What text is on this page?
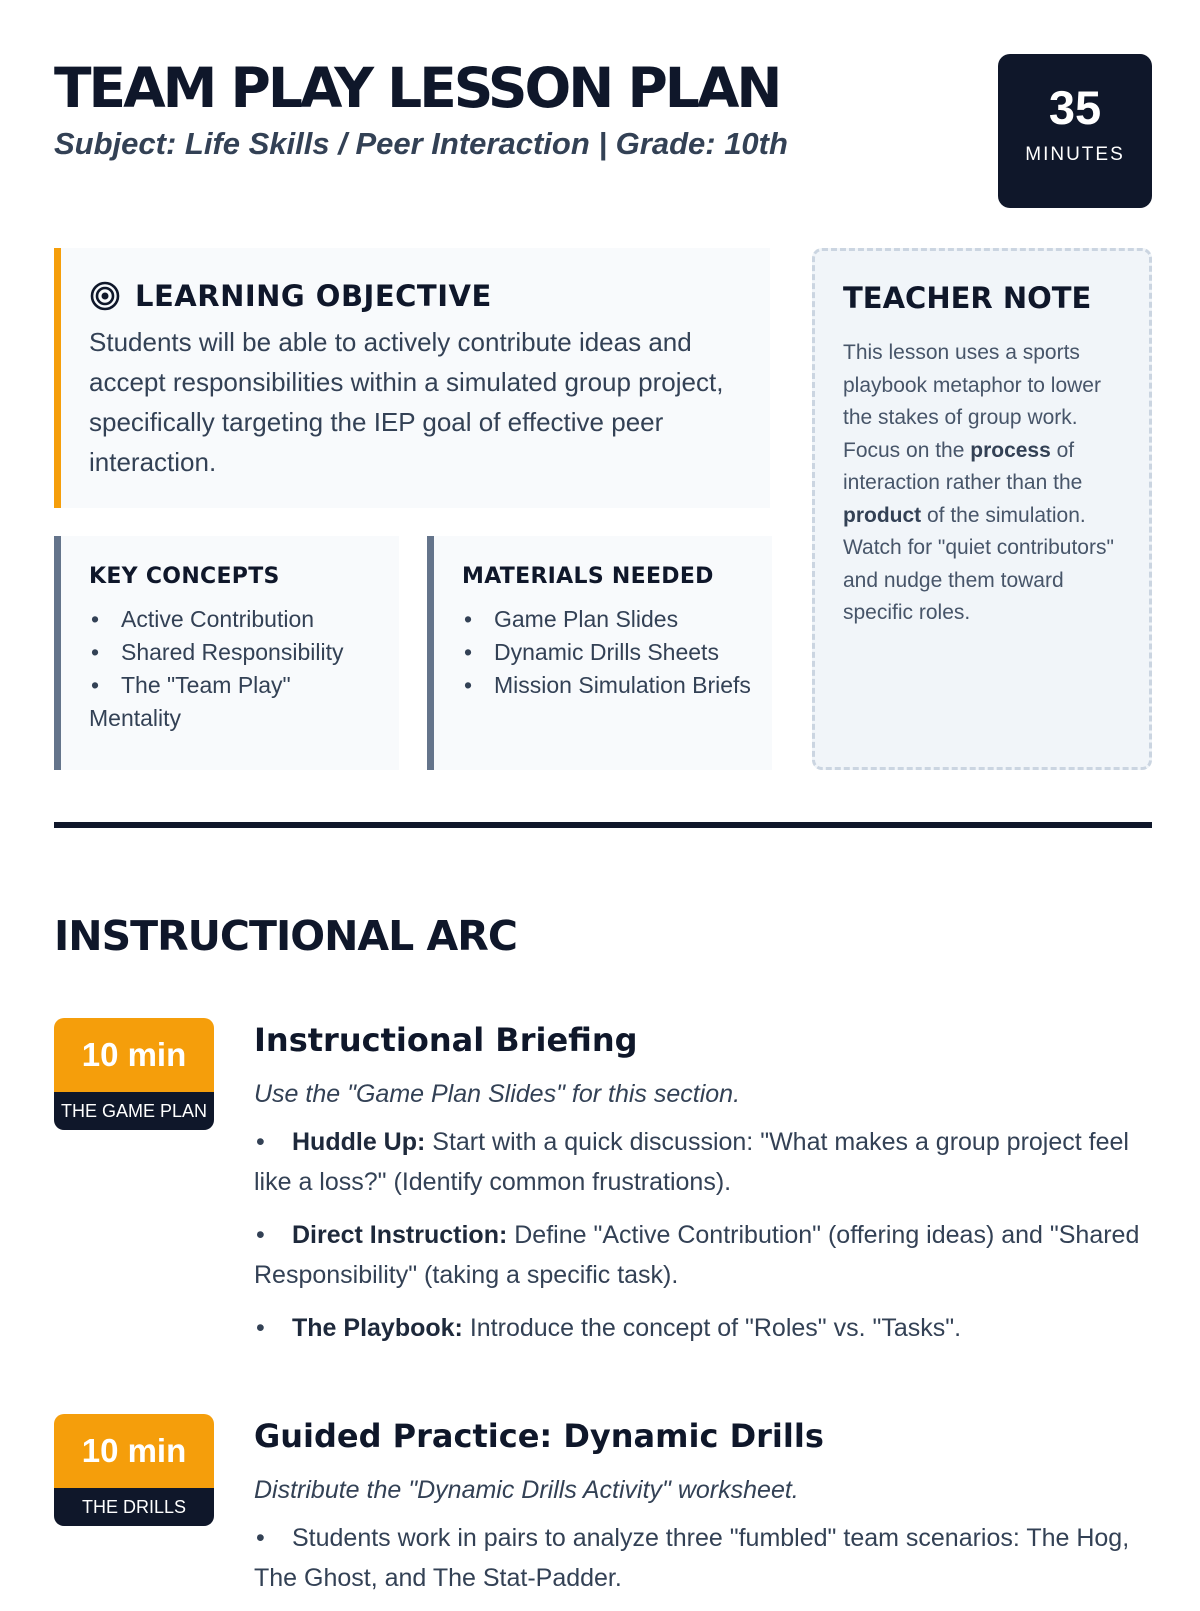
TEAM PLAY LESSON PLAN

Subject: Life Skills / Peer Interaction | Grade: 10th

35
MINUTES
LEARNING OBJECTIVE

Students will be able to actively contribute ideas and accept responsibilities within a simulated group project, specifically targeting the IEP goal of effective peer interaction.

KEY CONCEPTS
• Active Contribution
• Shared Responsibility
• The "Team Play" Mentality
MATERIALS NEEDED
• Game Plan Slides
• Dynamic Drills Sheets
• Mission Simulation Briefs
TEACHER NOTE

This lesson uses a sports playbook metaphor to lower the stakes of group work. Focus on the process of interaction rather than the product of the simulation. Watch for "quiet contributors" and nudge them toward specific roles.

INSTRUCTIONAL ARC
10 min
THE GAME PLAN
Instructional Briefing

Use the "Game Plan Slides" for this section.

• Huddle Up: Start with a quick discussion: "What makes a group project feel like a loss?" (Identify common frustrations).
• Direct Instruction: Define "Active Contribution" (offering ideas) and "Shared Responsibility" (taking a specific task).
• The Playbook: Introduce the concept of "Roles" vs. "Tasks".
10 min
THE DRILLS
Guided Practice: Dynamic Drills

Distribute the "Dynamic Drills Activity" worksheet.

• Students work in pairs to analyze three "fumbled" team scenarios: The Hog, The Ghost, and The Stat-Padder.
